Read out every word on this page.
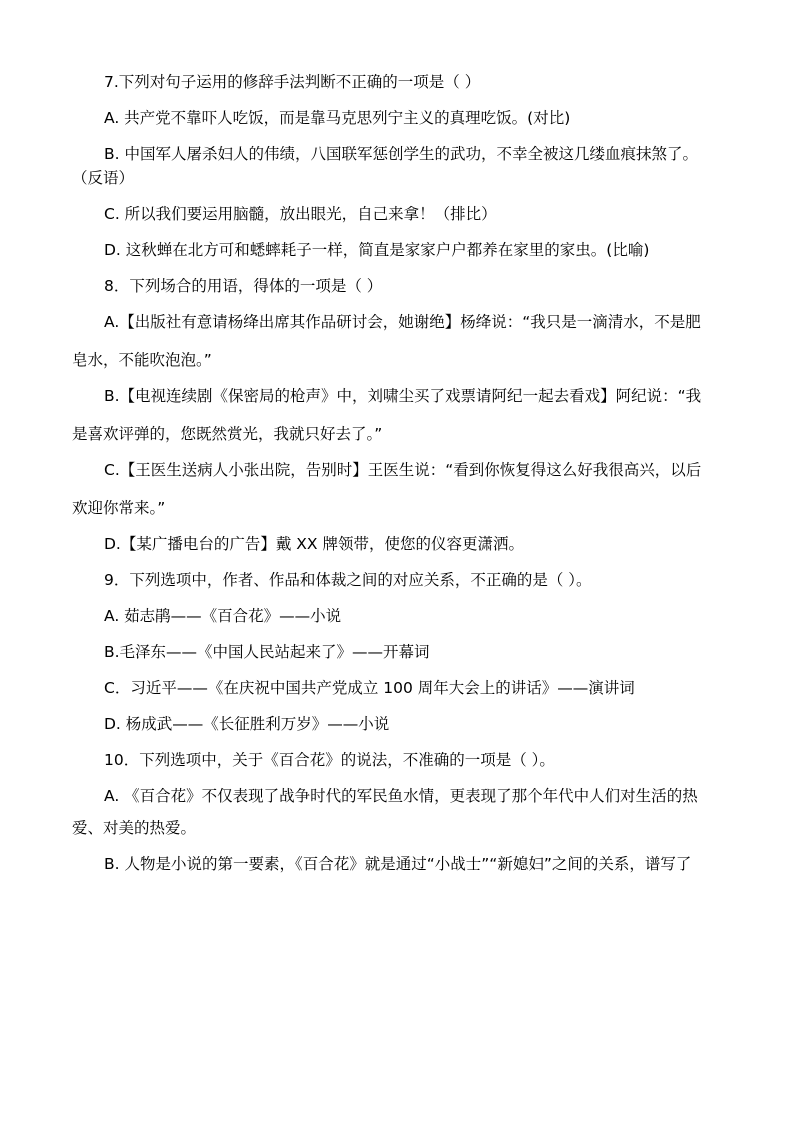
7.下列对句子运用的修辞手法判断不正确的一项是（ ）

A. 共产党不靠吓人吃饭，而是靠马克思列宁主义的真理吃饭。(对比)

B. 中国军人屠杀妇人的伟绩，八国联军惩创学生的武功，不幸全被这几缕血痕抹煞了。

（反语）

C. 所以我们要运用脑髓，放出眼光，自己来拿！（排比）

D. 这秋蝉在北方可和蟋蟀耗子一样，简直是家家户户都养在家里的家虫。(比喻)

8．下列场合的用语，得体的一项是（ ）

A.【出版社有意请杨绛出席其作品研讨会，她谢绝】杨绛说：“我只是一滴清水，不是肥

皂水，不能吹泡泡。”

B.【电视连续剧《保密局的枪声》中，刘啸尘买了戏票请阿纪一起去看戏】阿纪说：“我

是喜欢评弹的，您既然赏光，我就只好去了。”

C.【王医生送病人小张出院，告别时】王医生说：“看到你恢复得这么好我很高兴，以后

欢迎你常来。”

D.【某广播电台的广告】戴 XX 牌领带，使您的仪容更潇洒。

9．下列选项中，作者、作品和体裁之间的对应关系，不正确的是（ ）。

A. 茹志鹃——《百合花》——小说

B.毛泽东——《中国人民站起来了》——开幕词

C．习近平——《在庆祝中国共产党成立 100 周年大会上的讲话》——演讲词

D. 杨成武——《长征胜利万岁》——小说

10．下列选项中，关于《百合花》的说法，不准确的一项是（ ）。

A. 《百合花》不仅表现了战争时代的军民鱼水情，更表现了那个年代中人们对生活的热

爱、对美的热爱。

B. 人物是小说的第一要素，《百合花》就是通过“小战士”“新媳妇”之间的关系，谱写了
